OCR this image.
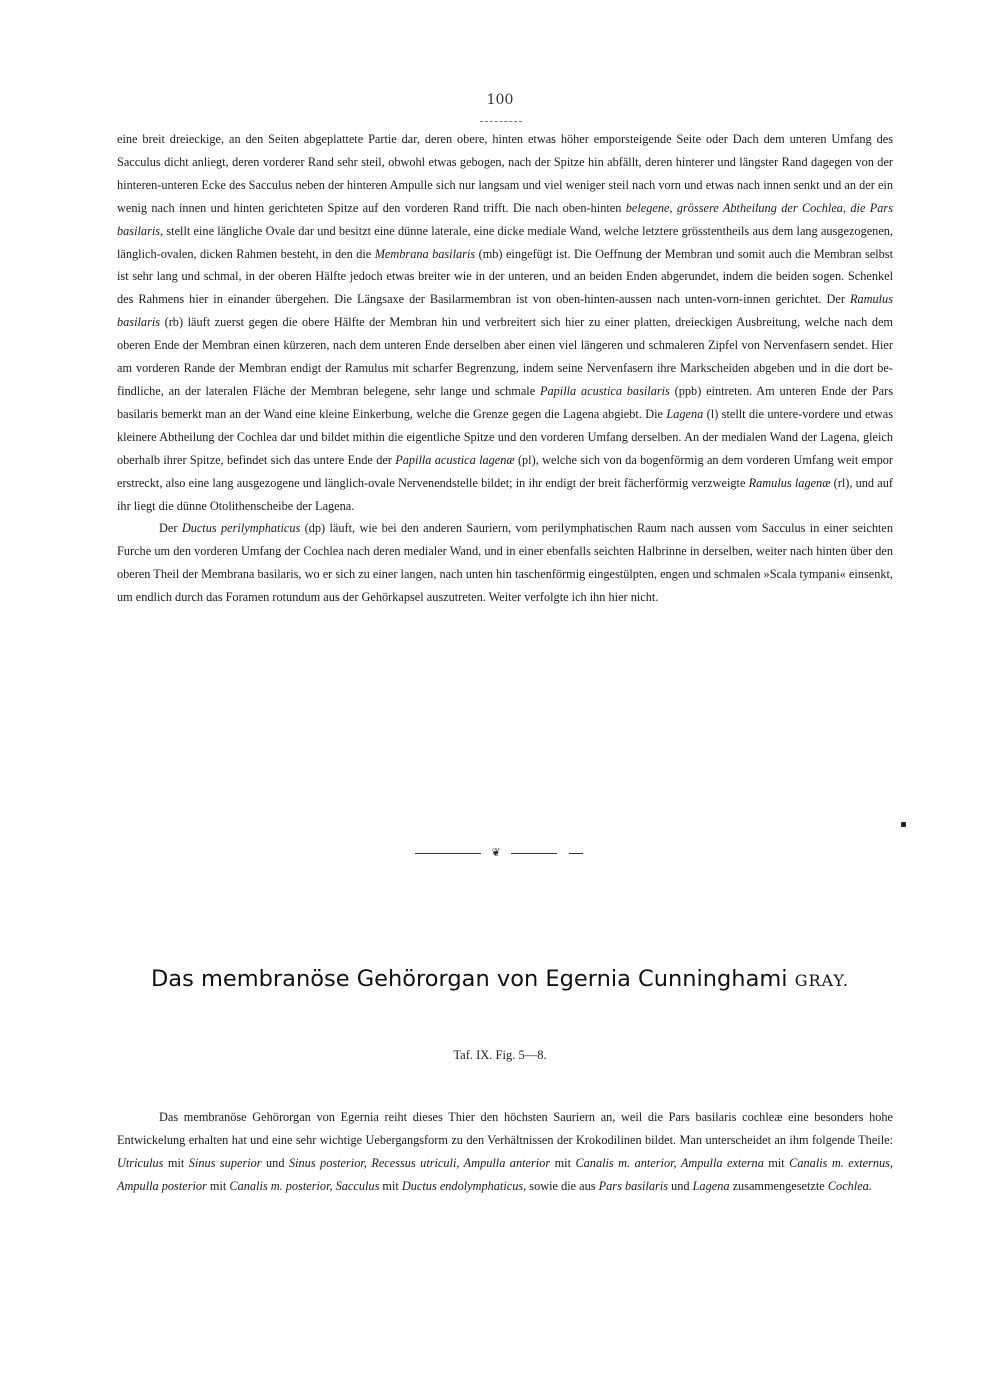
100

eine breit dreieckige, an den Seiten abgeplattete Partie dar, deren obere, hinten etwas höher emporsteigende Seite oder Dach dem unteren Umfang des Sacculus dicht anliegt, deren vorderer Rand sehr steil, obwohl etwas gebogen, nach der Spitze hin abfällt, deren hinterer und längster Rand dagegen von der hinteren-unteren Ecke des Sacculus neben der hinteren Ampulle sich nur langsam und viel weniger steil nach vorn und etwas nach innen senkt und an der ein wenig nach innen und hinten gerichteten Spitze auf den vorderen Rand trifft. Die nach oben-hinten belegene, grössere Abtheilung der Cochlea, die Pars basilaris, stellt eine längliche Ovale dar und besitzt eine dünne laterale, eine dicke mediale Wand, welche letztere grösstentheils aus dem lang ausgezogenen, länglich-ovalen, dicken Rahmen besteht, in den die Membrana basilaris (mb) eingefügt ist. Die Oeffnung der Membran und somit auch die Membran selbst ist sehr lang und schmal, in der oberen Hälfte jedoch etwas breiter wie in der unteren, und an beiden Enden abgerundet, indem die beiden sogen. Schenkel des Rahmens hier in einander übergehen. Die Längsaxe der Basilarmembran ist von oben-hinten-aussen nach unten-vorn-innen gerichtet. Der Ramulus basilaris (rb) läuft zuerst gegen die obere Hälfte der Membran hin und verbreitert sich hier zu einer platten, dreieckigen Ausbreitung, welche nach dem oberen Ende der Membran einen kürzeren, nach dem unteren Ende derselben aber einen viel längeren und schmaleren Zipfel von Nervenfasern sendet. Hier am vorderen Rande der Membran endigt der Ramulus mit scharfer Begrenzung, indem seine Nervenfasern ihre Markscheiden abgeben und in die dort befindliche, an der lateralen Fläche der Membran belegene, sehr lange und schmale Papilla acustica basilaris (ppb) eintreten. Am unteren Ende der Pars basilaris bemerkt man an der Wand eine kleine Einkerbung, welche die Grenze gegen die Lagena abgiebt. Die Lagena (l) stellt die untere-vordere und etwas kleinere Abtheilung der Cochlea dar und bildet mithin die eigentliche Spitze und den vorderen Umfang derselben. An der medialen Wand der Lagena, gleich oberhalb ihrer Spitze, befindet sich das untere Ende der Papilla acustica lagenæ (pl), welche sich von da bogenförmig an dem vorderen Umfang weit empor erstreckt, also eine lang ausgezogene und länglich-ovale Nervenendstelle bildet; in ihr endigt der breit fächerförmig verzweigte Ramulus lagenæ (rl), und auf ihr liegt die dünne Otolithenscheibe der Lagena.

Der Ductus perilymphaticus (dp) läuft, wie bei den anderen Sauriern, vom perilymphatischen Raum nach aussen vom Sacculus in einer seichten Furche um den vorderen Umfang der Cochlea nach deren medialer Wand, und in einer ebenfalls seichten Halbrinne in derselben, weiter nach hinten über den oberen Theil der Membrana basilaris, wo er sich zu einer langen, nach unten hin taschenförmig eingestülpten, engen und schmalen »Scala tympani« einsenkt, um endlich durch das Foramen rotundum aus der Gehörkapsel auszutreten. Weiter verfolgte ich ihn hier nicht.

❦
Das membranöse Gehörorgan von Egernia Cunninghami GRAY.
Taf. IX. Fig. 5—8.

Das membranöse Gehörorgan von Egernia reiht dieses Thier den höchsten Sauriern an, weil die Pars basilaris cochleæ eine besonders hohe Entwickelung erhalten hat und eine sehr wichtige Uebergangsform zu den Verhältnissen der Krokodilinen bildet. Man unterscheidet an ihm folgende Theile: Utriculus mit Sinus superior und Sinus posterior, Recessus utriculi, Ampulla anterior mit Canalis m. anterior, Ampulla externa mit Canalis m. externus, Ampulla posterior mit Canalis m. posterior, Sacculus mit Ductus endolymphaticus, sowie die aus Pars basilaris und Lagena zusammengesetzte Cochlea.
